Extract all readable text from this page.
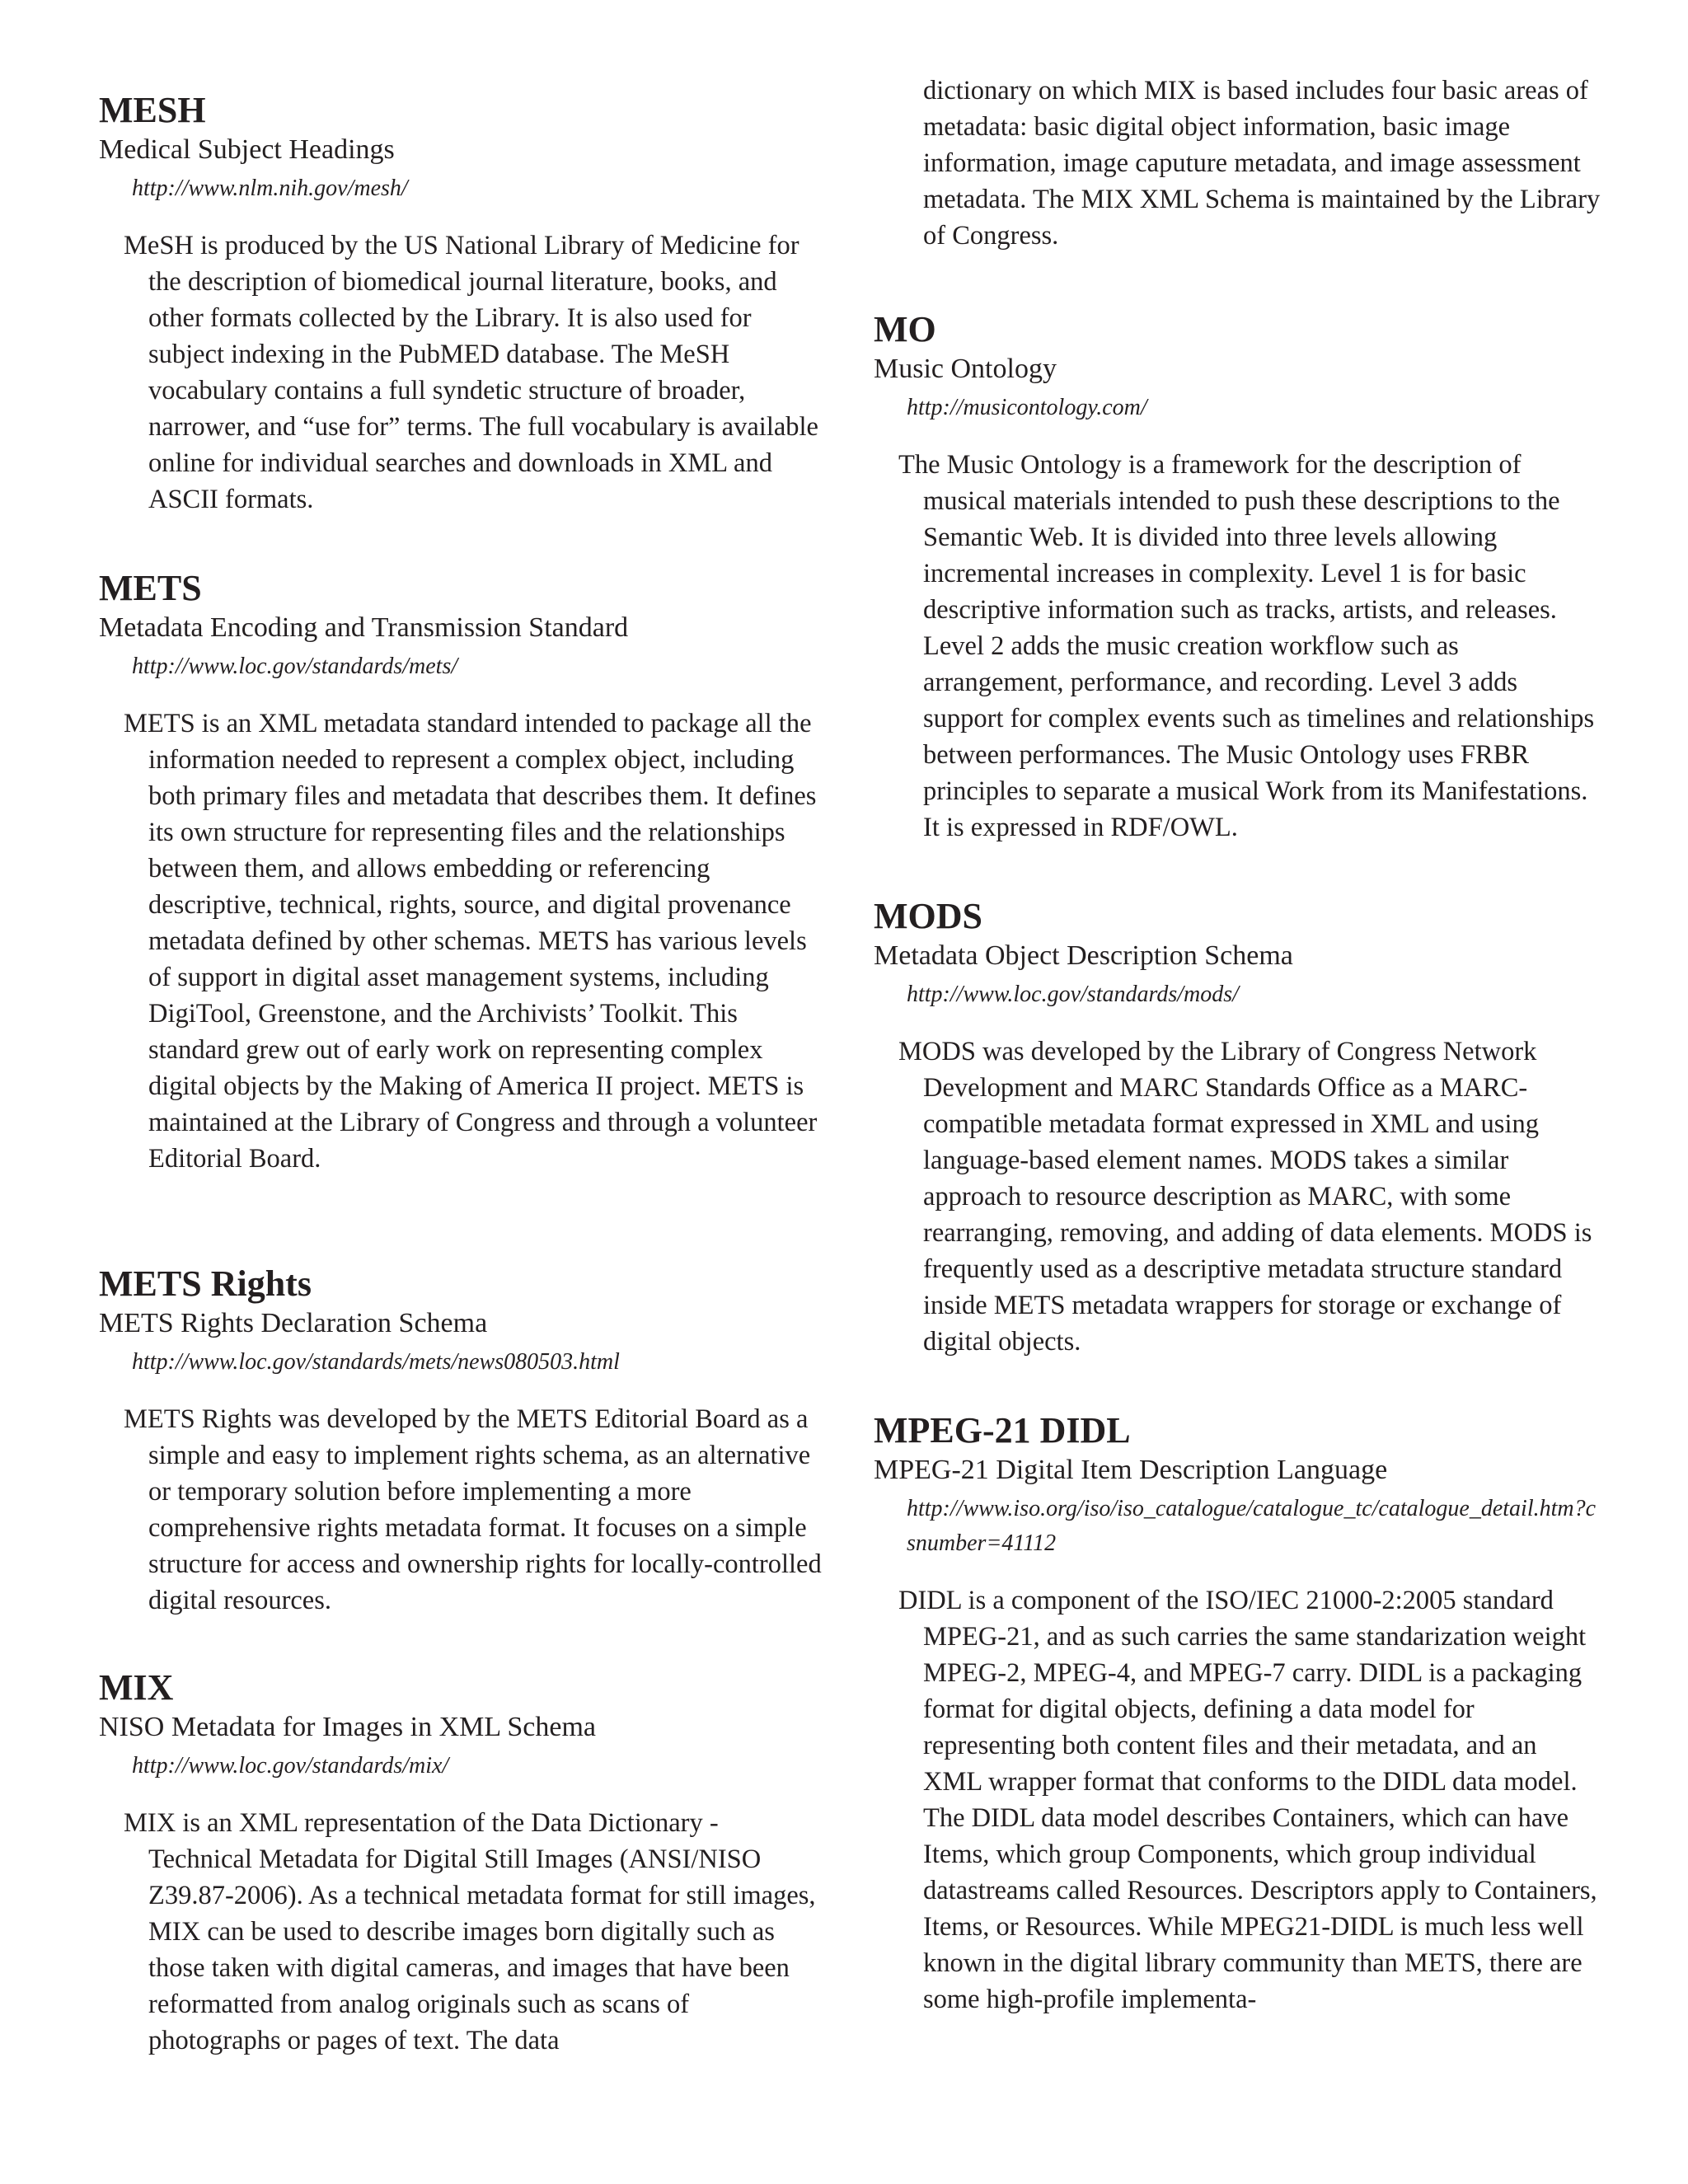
MESH
Medical Subject Headings
http://www.nlm.nih.gov/mesh/

MeSH is produced by the US National Library of Medicine for the description of biomedical journal literature, books, and other formats collected by the Library. It is also used for subject indexing in the PubMED database. The MeSH vocabulary contains a full syndetic structure of broader, narrower, and “use for” terms. The full vocabulary is available online for individual searches and downloads in XML and ASCII formats.

METS
Metadata Encoding and Transmission Standard
http://www.loc.gov/standards/mets/

METS is an XML metadata standard intended to package all the information needed to represent a complex object, including both primary files and metadata that describes them. It defines its own structure for representing files and the relationships between them, and allows embedding or referencing descriptive, technical, rights, source, and digital provenance metadata defined by other schemas. METS has various levels of support in digital asset management systems, including DigiTool, Greenstone, and the Archivists’ Toolkit. This standard grew out of early work on representing complex digital objects by the Making of America II project. METS is maintained at the Library of Congress and through a volunteer Editorial Board.

METS Rights
METS Rights Declaration Schema
http://www.loc.gov/standards/mets/news080503.html

METS Rights was developed by the METS Editorial Board as a simple and easy to implement rights schema, as an alternative or temporary solution before implementing a more comprehensive rights metadata format. It focuses on a simple structure for access and ownership rights for locally-controlled digital resources.

MIX
NISO Metadata for Images in XML Schema
http://www.loc.gov/standards/mix/

MIX is an XML representation of the Data Dictionary - Technical Metadata for Digital Still Images (ANSI/NISO Z39.87-2006). As a technical metadata format for still images, MIX can be used to describe images born digitally such as those taken with digital cameras, and images that have been reformatted from analog originals such as scans of photographs or pages of text. The data

dictionary on which MIX is based includes four basic areas of metadata: basic digital object information, basic image information, image caputure metadata, and image assessment metadata. The MIX XML Schema is maintained by the Library of Congress.

MO
Music Ontology
http://musicontology.com/

The Music Ontology is a framework for the description of musical materials intended to push these descriptions to the Semantic Web. It is divided into three levels allowing incremental increases in complexity. Level 1 is for basic descriptive information such as tracks, artists, and releases. Level 2 adds the music creation workflow such as arrangement, performance, and recording. Level 3 adds support for complex events such as timelines and relationships between performances. The Music Ontology uses FRBR principles to separate a musical Work from its Manifestations. It is expressed in RDF/OWL.

MODS
Metadata Object Description Schema
http://www.loc.gov/standards/mods/

MODS was developed by the Library of Congress Network Development and MARC Standards Office as a MARC-compatible metadata format expressed in XML and using language-based element names. MODS takes a similar approach to resource description as MARC, with some rearranging, removing, and adding of data elements. MODS is frequently used as a descriptive metadata structure standard inside METS metadata wrappers for storage or exchange of digital objects.

MPEG-21 DIDL
MPEG-21 Digital Item Description Language
http://www.iso.org/iso/iso_catalogue/catalogue_tc/catalogue_detail.htm?csnumber=41112

DIDL is a component of the ISO/IEC 21000-2:2005 standard MPEG-21, and as such carries the same standarization weight MPEG-2, MPEG-4, and MPEG-7 carry. DIDL is a packaging format for digital objects, defining a data model for representing both content files and their metadata, and an XML wrapper format that conforms to the DIDL data model. The DIDL data model describes Containers, which can have Items, which group Components, which group individual datastreams called Resources. Descriptors apply to Containers, Items, or Resources. While MPEG21-DIDL is much less well known in the digital library community than METS, there are some high-profile implementa-
